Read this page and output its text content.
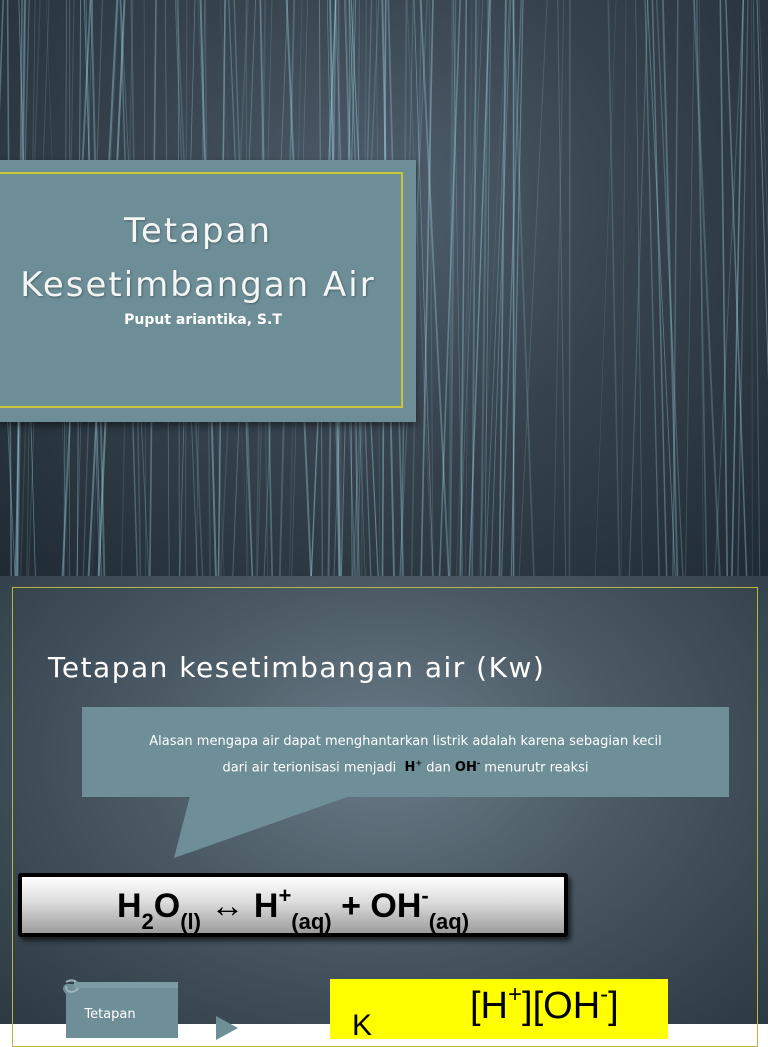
Tetapan
Kesetimbangan Air
Puput ariantika, S.T
Tetapan kesetimbangan air (Kw)
Alasan mengapa air dapat menghantarkan listrik adalah karena sebagian kecil
dari air terionisasi menjadi H+ dan OH- menurutr reaksi
$H_2O_{(l)}$ ↔ $H^+_{(aq)} + OH^-_{(aq)}$
Tetapan	K	[H+][OH-]
